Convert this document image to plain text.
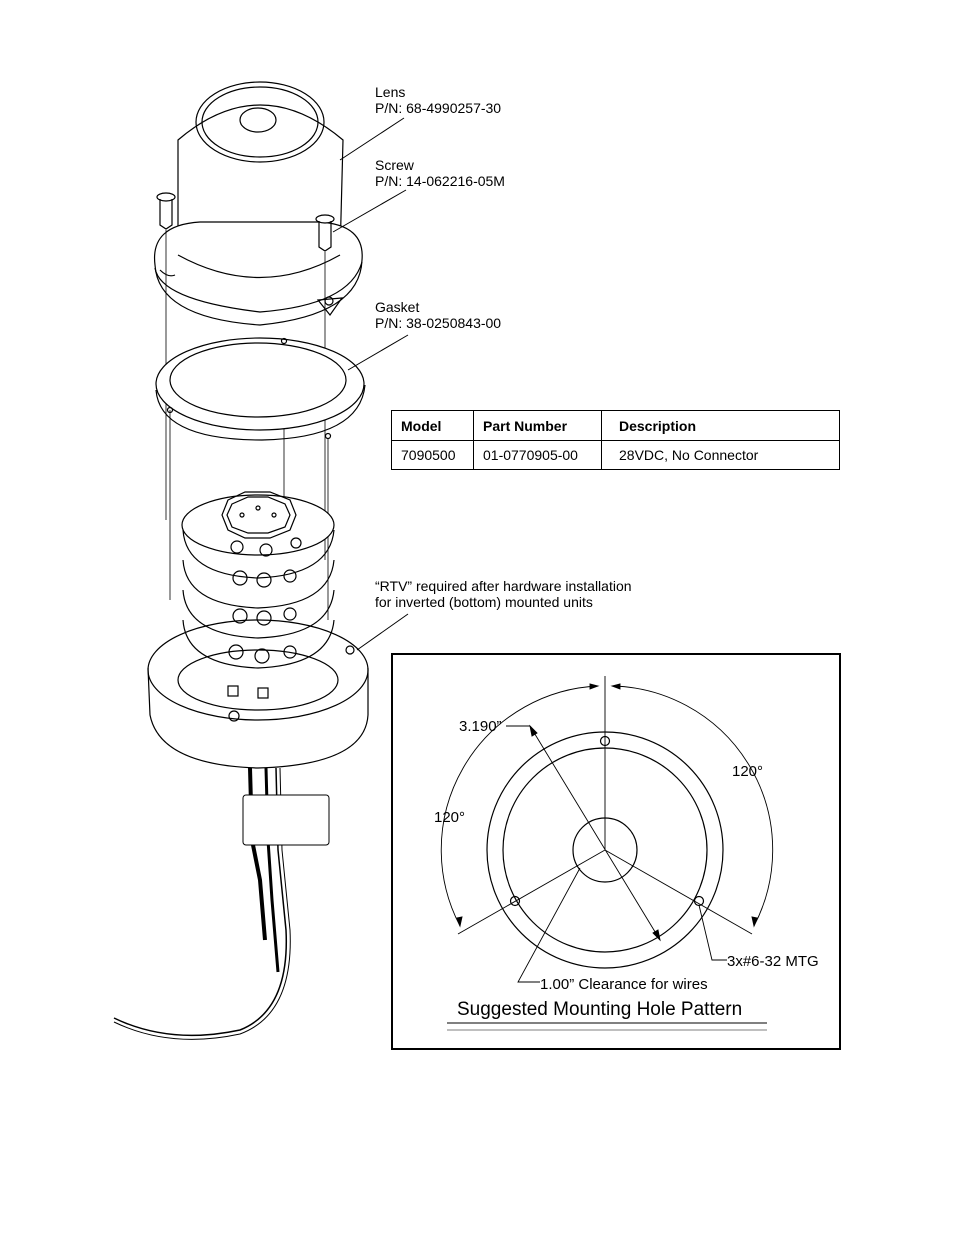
Lens
P/N: 68-4990257-30
Screw
P/N: 14-062216-05M
Gasket
P/N: 38-0250843-00
“RTV” required after hardware installation
for inverted (bottom) mounted units
Model	Part Number	Description
7090500	01-0770905-00	28VDC, No Connector
3.190”
120°
120°
3x#6-32 MTG
1.00” Clearance for wires
Suggested Mounting Hole Pattern
